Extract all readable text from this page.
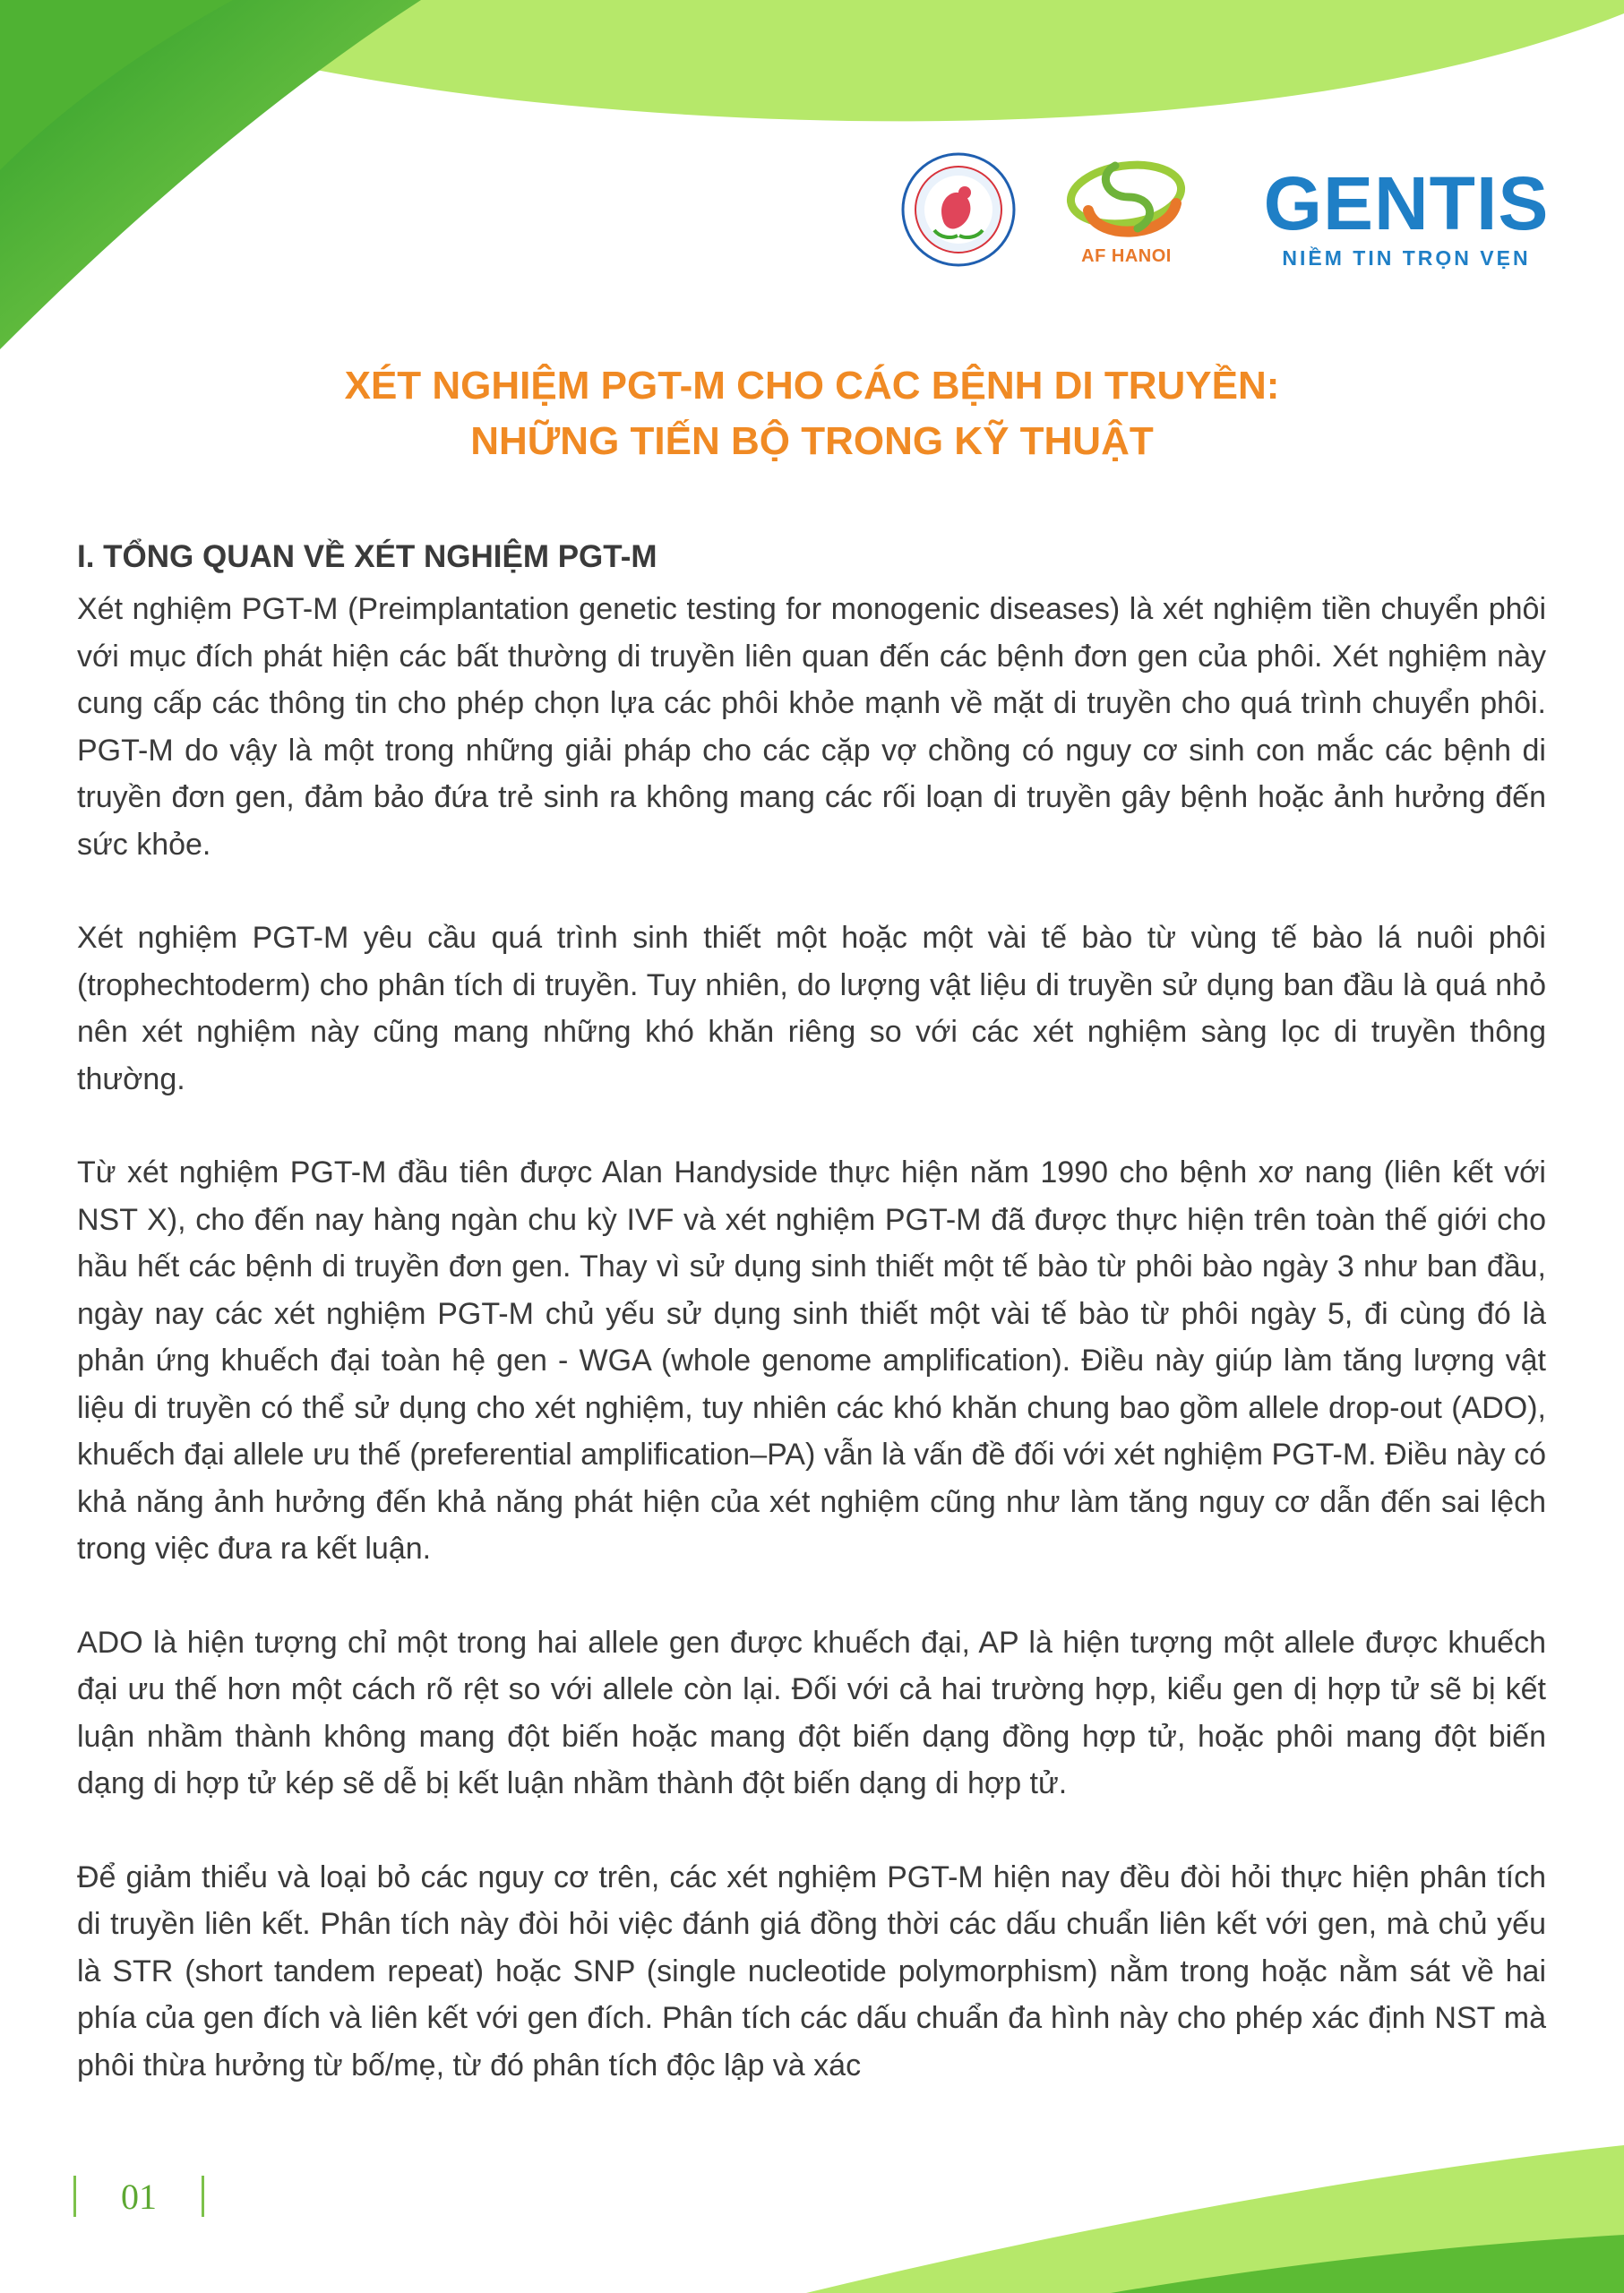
AF HANOI
GENTIS
NIỀM TIN TRỌN VẸN
XÉT NGHIỆM PGT-M CHO CÁC BỆNH DI TRUYỀN:
NHỮNG TIẾN BỘ TRONG KỸ THUẬT
I. TỔNG QUAN VỀ XÉT NGHIỆM PGT-M

Xét nghiệm PGT-M (Preimplantation genetic testing for monogenic diseases) là xét nghiệm tiền chuyển phôi với mục đích phát hiện các bất thường di truyền liên quan đến các bệnh đơn gen của phôi. Xét nghiệm này cung cấp các thông tin cho phép chọn lựa các phôi khỏe mạnh về mặt di truyền cho quá trình chuyển phôi. PGT-M do vậy là một trong những giải pháp cho các cặp vợ chồng có nguy cơ sinh con mắc các bệnh di truyền đơn gen, đảm bảo đứa trẻ sinh ra không mang các rối loạn di truyền gây bệnh hoặc ảnh hưởng đến sức khỏe.

Xét nghiệm PGT-M yêu cầu quá trình sinh thiết một hoặc một vài tế bào từ vùng tế bào lá nuôi phôi (trophechtoderm) cho phân tích di truyền. Tuy nhiên, do lượng vật liệu di truyền sử dụng ban đầu là quá nhỏ nên xét nghiệm này cũng mang những khó khăn riêng so với các xét nghiệm sàng lọc di truyền thông thường.

Từ xét nghiệm PGT-M đầu tiên được Alan Handyside thực hiện năm 1990 cho bệnh xơ nang (liên kết với NST X), cho đến nay hàng ngàn chu kỳ IVF và xét nghiệm PGT-M đã được thực hiện trên toàn thế giới cho hầu hết các bệnh di truyền đơn gen. Thay vì sử dụng sinh thiết một tế bào từ phôi bào ngày 3 như ban đầu, ngày nay các xét nghiệm PGT-M chủ yếu sử dụng sinh thiết một vài tế bào từ phôi ngày 5, đi cùng đó là phản ứng khuếch đại toàn hệ gen - WGA (whole genome amplification). Điều này giúp làm tăng lượng vật liệu di truyền có thể sử dụng cho xét nghiệm, tuy nhiên các khó khăn chung bao gồm allele drop-out (ADO), khuếch đại allele ưu thế (preferential amplification–PA) vẫn là vấn đề đối với xét nghiệm PGT-M. Điều này có khả năng ảnh hưởng đến khả năng phát hiện của xét nghiệm cũng như làm tăng nguy cơ dẫn đến sai lệch trong việc đưa ra kết luận.

ADO là hiện tượng chỉ một trong hai allele gen được khuếch đại, AP là hiện tượng một allele được khuếch đại ưu thế hơn một cách rõ rệt so với allele còn lại. Đối với cả hai trường hợp, kiểu gen dị hợp tử sẽ bị kết luận nhầm thành không mang đột biến hoặc mang đột biến dạng đồng hợp tử, hoặc phôi mang đột biến dạng di hợp tử kép sẽ dễ bị kết luận nhầm thành đột biến dạng di hợp tử.

Để giảm thiểu và loại bỏ các nguy cơ trên, các xét nghiệm PGT-M hiện nay đều đòi hỏi thực hiện phân tích di truyền liên kết. Phân tích này đòi hỏi việc đánh giá đồng thời các dấu chuẩn liên kết với gen, mà chủ yếu là STR (short tandem repeat) hoặc SNP (single nucleotide polymorphism) nằm trong hoặc nằm sát về hai phía của gen đích và liên kết với gen đích. Phân tích các dấu chuẩn đa hình này cho phép xác định NST mà phôi thừa hưởng từ bố/mẹ, từ đó phân tích độc lập và xác

01
